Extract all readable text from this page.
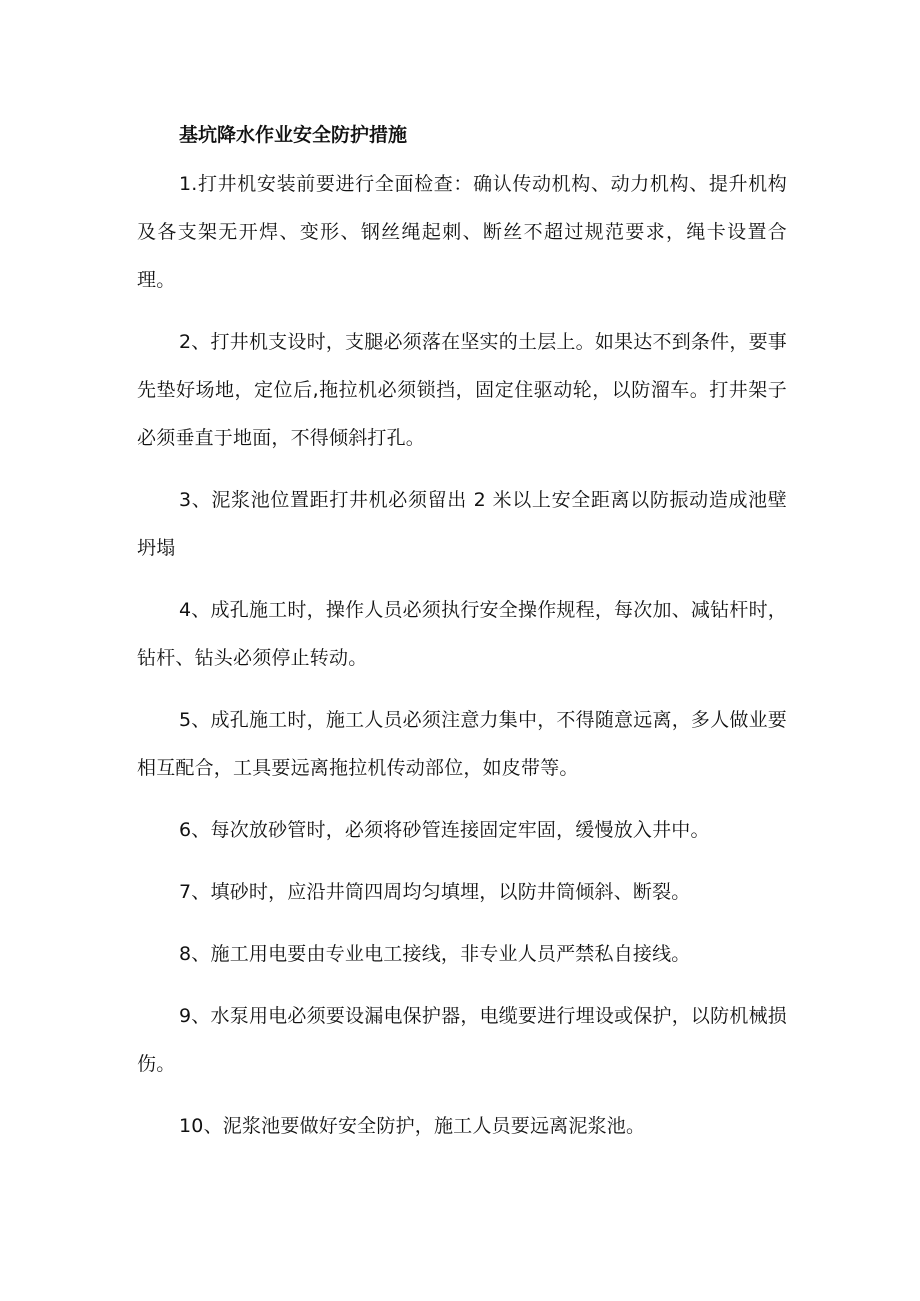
基坑降水作业安全防护措施

1.打井机安装前要进行全面检查：确认传动机构、动力机构、提升机构及各支架无开焊、变形、钢丝绳起刺、断丝不超过规范要求，绳卡设置合理。

2、打井机支设时，支腿必须落在坚实的土层上。如果达不到条件，要事先垫好场地，定位后,拖拉机必须锁挡，固定住驱动轮，以防溜车。打井架子必须垂直于地面，不得倾斜打孔。

3、泥浆池位置距打井机必须留出 2 米以上安全距离以防振动造成池壁坍塌

4、成孔施工时，操作人员必须执行安全操作规程，每次加、减钻杆时，钻杆、钻头必须停止转动。

5、成孔施工时，施工人员必须注意力集中，不得随意远离，多人做业要相互配合，工具要远离拖拉机传动部位，如皮带等。

6、每次放砂管时，必须将砂管连接固定牢固，缓慢放入井中。

7、填砂时，应沿井筒四周均匀填埋，以防井筒倾斜、断裂。

8、施工用电要由专业电工接线，非专业人员严禁私自接线。

9、水泵用电必须要设漏电保护器，电缆要进行埋设或保护，以防机械损伤。

10、泥浆池要做好安全防护，施工人员要远离泥浆池。
